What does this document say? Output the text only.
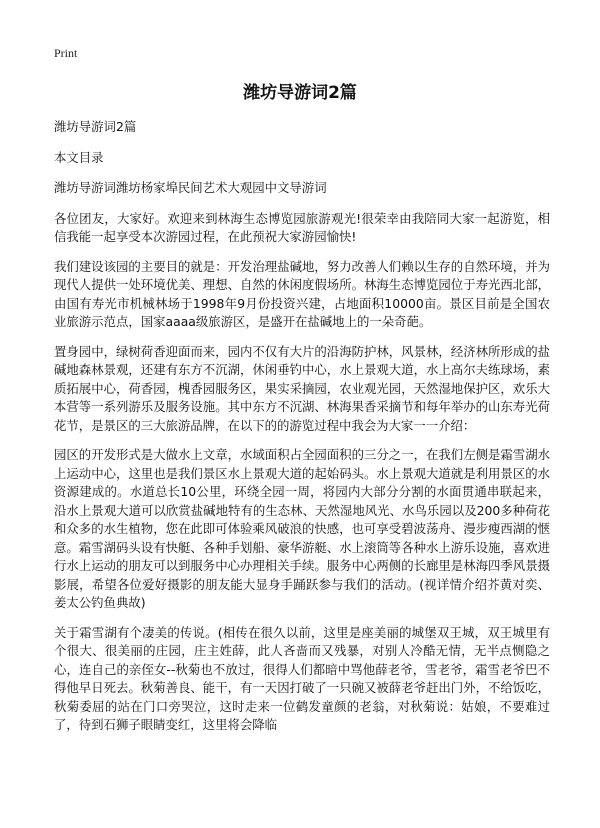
Print
潍坊导游词2篇

潍坊导游词2篇

本文目录

潍坊导游词潍坊杨家埠民间艺术大观园中文导游词

各位团友，大家好。欢迎来到林海生态博览园旅游观光!很荣幸由我陪同大家一起游览，相信我能一起享受本次游园过程，在此预祝大家游园愉快!

我们建设该园的主要目的就是：开发治理盐碱地，努力改善人们赖以生存的自然环境，并为现代人提供一处环境优美、理想、自然的休闲度假场所。林海生态博览园位于寿光西北部，由国有寿光市机械林场于1998年9月份投资兴建，占地面积10000亩。景区目前是全国农业旅游示范点，国家aaaa级旅游区，是盛开在盐碱地上的一朵奇葩。

置身园中，绿树荷香迎面而来，园内不仅有大片的沿海防护林，风景林，经济林所形成的盐碱地森林景观，还建有东方不沉湖，休闲垂钓中心，水上景观大道，水上高尔夫练球场，素质拓展中心，荷香园，槐香园服务区，果实采摘园，农业观光园，天然湿地保护区，欢乐大本营等一系列游乐及服务设施。其中东方不沉湖、林海果香采摘节和每年举办的山东寿光荷花节，是景区的三大旅游品牌，在以下的的游览过程中我会为大家一一介绍：

园区的开发形式是大做水上文章，水域面积占全园面积的三分之一，在我们左侧是霜雪湖水上运动中心，这里也是我们景区水上景观大道的起始码头。水上景观大道就是利用景区的水资源建成的。水道总长10公里，环绕全园一周，将园内大部分分割的水面贯通串联起来，沿水上景观大道可以欣赏盐碱地特有的生态林、天然湿地风光、水鸟乐园以及200多种荷花和众多的水生植物，您在此即可体验乘风破浪的快感，也可享受碧波荡舟、漫步瘦西湖的惬意。霜雪湖码头设有快艇、各种手划船、豪华游艇、水上滚筒等各种水上游乐设施，喜欢进行水上运动的朋友可以到服务中心办理相关手续。服务中心两侧的长廊里是林海四季风景摄影展，希望各位爱好摄影的朋友能大显身手踊跃参与我们的活动。(视详情介绍芥黄对奕、姜太公钓鱼典故)

关于霜雪湖有个凄美的传说。(相传在很久以前，这里是座美丽的城堡双王城，双王城里有个很大、很美丽的庄园，庄主姓薛，此人吝啬而又残暴，对别人冷酷无情，无半点恻隐之心，连自己的亲侄女--秋菊也不放过，很得人们都暗中骂他薛老爷，雪老爷，霜雪老爷巴不得他早日死去。秋菊善良、能干，有一天因打破了一只碗又被薛老爷赶出门外，不给饭吃，秋菊委屈的站在门口旁哭泣，这时走来一位鹤发童颜的老翁，对秋菊说：姑娘，不要难过了，待到石狮子眼睛变红，这里将会降临
